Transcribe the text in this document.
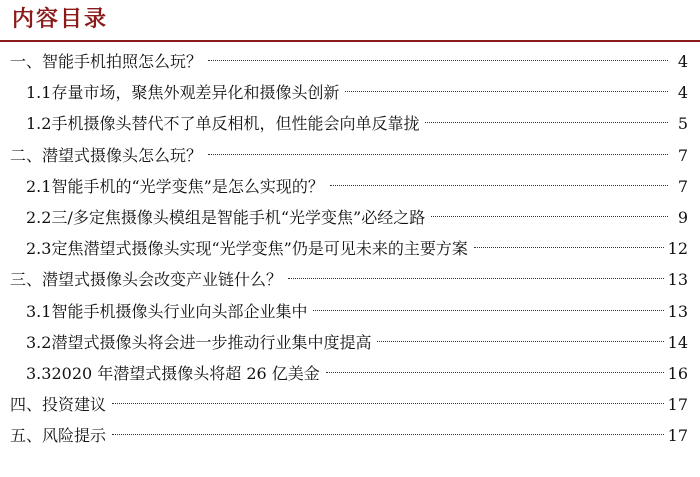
内容目录
一、 智能手机拍照怎么玩？	4
1.1 存量市场，聚焦外观差异化和摄像头创新	4
1.2 手机摄像头替代不了单反相机，但性能会向单反靠拢	5
二、 潜望式摄像头怎么玩？	7
2.1 智能手机的“光学变焦”是怎么实现的？	7
2.2 三/多定焦摄像头模组是智能手机“光学变焦”必经之路	9
2.3 定焦潜望式摄像头实现“光学变焦”仍是可见未来的主要方案	12
三、 潜望式摄像头会改变产业链什么？	13
3.1 智能手机摄像头行业向头部企业集中	13
3.2 潜望式摄像头将会进一步推动行业集中度提高	14
3.3 2020 年潜望式摄像头将超 26 亿美金	16
四、 投资建议	17
五、 风险提示	17
